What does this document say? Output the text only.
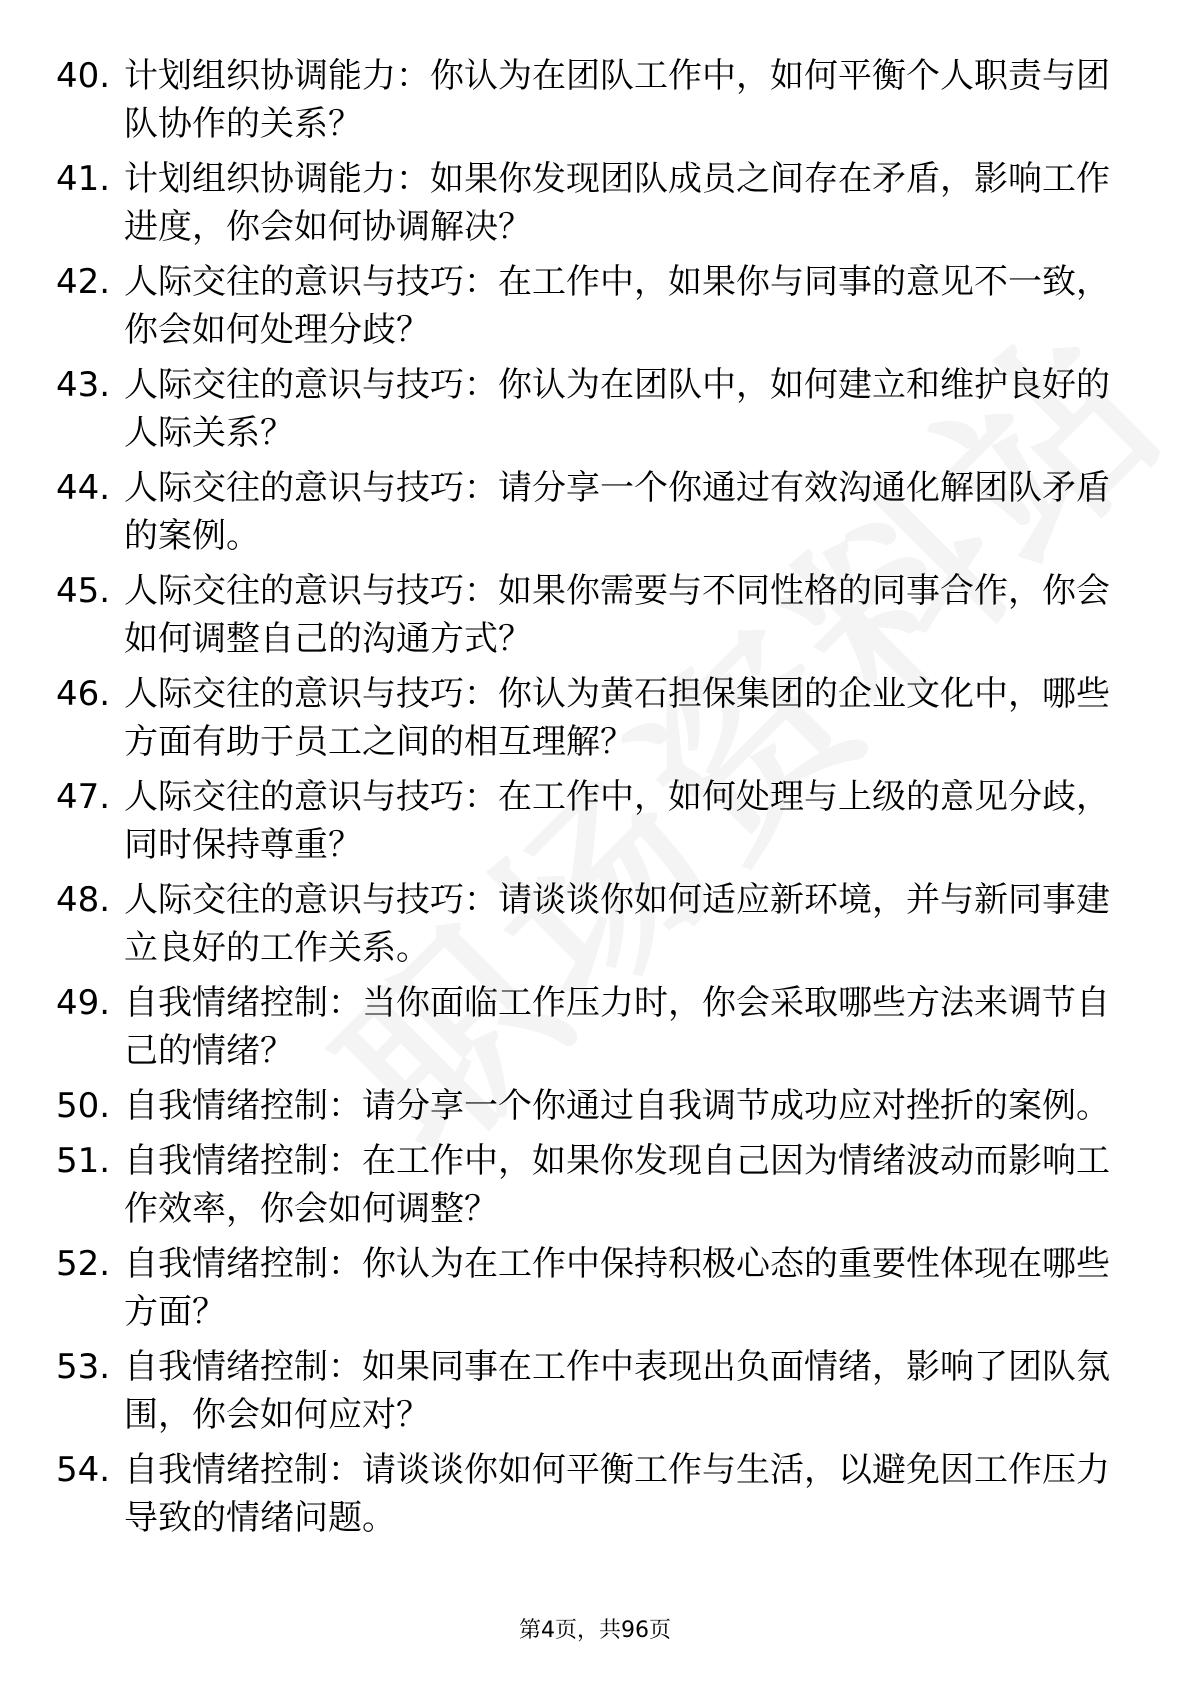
40. 计划组织协调能力：你认为在团队工作中，如何平衡个人职责与团队协作的关系？
41. 计划组织协调能力：如果你发现团队成员之间存在矛盾，影响工作进度，你会如何协调解决？
42. 人际交往的意识与技巧：在工作中，如果你与同事的意见不一致，你会如何处理分歧？
43. 人际交往的意识与技巧：你认为在团队中，如何建立和维护良好的人际关系？
44. 人际交往的意识与技巧：请分享一个你通过有效沟通化解团队矛盾的案例。
45. 人际交往的意识与技巧：如果你需要与不同性格的同事合作，你会如何调整自己的沟通方式？
46. 人际交往的意识与技巧：你认为黄石担保集团的企业文化中，哪些方面有助于员工之间的相互理解？
47. 人际交往的意识与技巧：在工作中，如何处理与上级的意见分歧，同时保持尊重？
48. 人际交往的意识与技巧：请谈谈你如何适应新环境，并与新同事建立良好的工作关系。
49. 自我情绪控制：当你面临工作压力时，你会采取哪些方法来调节自己的情绪？
50. 自我情绪控制：请分享一个你通过自我调节成功应对挫折的案例。
51. 自我情绪控制：在工作中，如果你发现自己因为情绪波动而影响工作效率，你会如何调整？
52. 自我情绪控制：你认为在工作中保持积极心态的重要性体现在哪些方面？
53. 自我情绪控制：如果同事在工作中表现出负面情绪，影响了团队氛围，你会如何应对？
54. 自我情绪控制：请谈谈你如何平衡工作与生活，以避免因工作压力导致的情绪问题。
第4页，共96页
